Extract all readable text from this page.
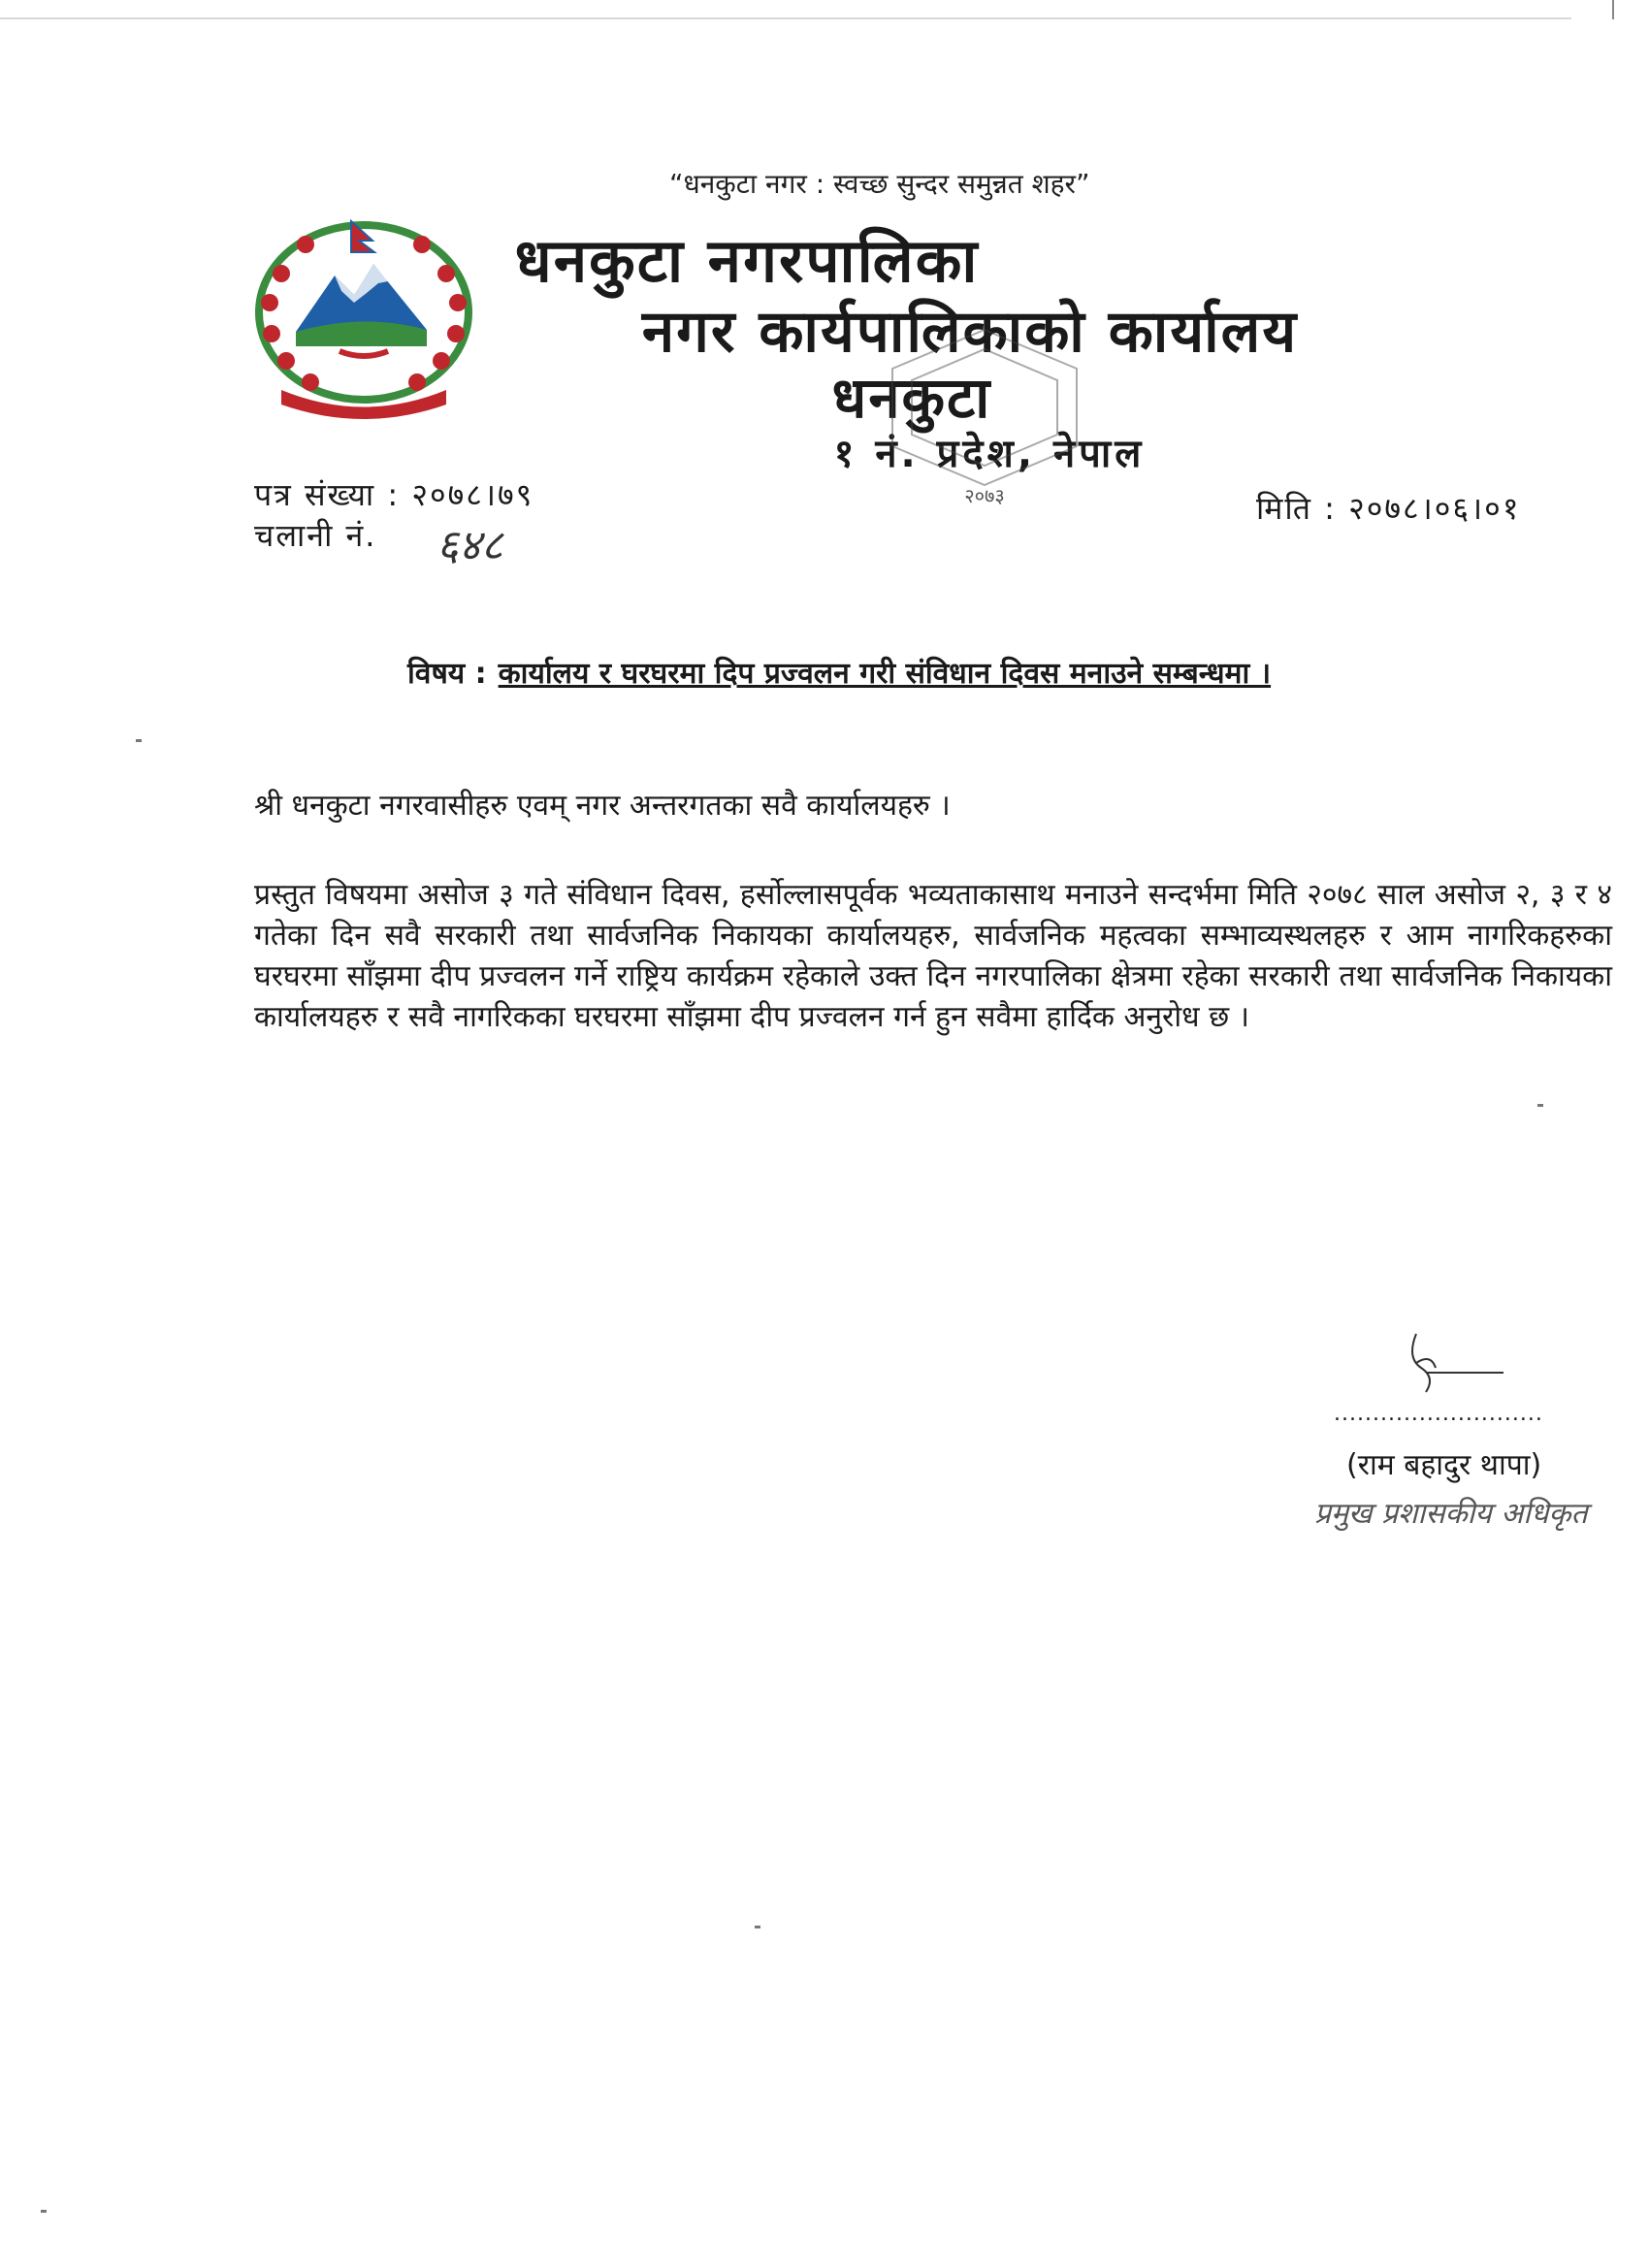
“धनकुटा नगर : स्वच्छ सुन्दर समुन्नत शहर”
धनकुटा नगरपालिका
नगर कार्यपालिकाको कार्यालय
धनकुटा
१ नं. प्रदेश, नेपाल
२०७३
पत्र संख्या : २०७८।७९
चलानी नं. ६४८
मिति : २०७८।०६।०१
विषय : कार्यालय र घरघरमा दिप प्रज्वलन गरी संविधान दिवस मनाउने सम्बन्धमा ।
श्री धनकुटा नगरवासीहरु एवम् नगर अन्तरगतका सवै कार्यालयहरु ।
प्रस्तुत विषयमा असोज ३ गते संविधान दिवस, हर्सोल्लासपूर्वक भव्यताकासाथ मनाउने सन्दर्भमा मिति २०७८ साल असोज २, ३ र ४ गतेका दिन सवै सरकारी तथा सार्वजनिक निकायका कार्यालयहरु, सार्वजनिक महत्वका सम्भाव्यस्थलहरु र आम नागरिकहरुका घरघरमा साँझमा दीप प्रज्वलन गर्ने राष्ट्रिय कार्यक्रम रहेकाले उक्त दिन नगरपालिका क्षेत्रमा रहेका सरकारी तथा सार्वजनिक निकायका कार्यालयहरु र सवै नागरिकका घरघरमा साँझमा दीप प्रज्वलन गर्न हुन सवैमा हार्दिक अनुरोध छ ।
...........................
(राम बहादुर थापा)
प्रमुख प्रशासकीय अधिकृत
